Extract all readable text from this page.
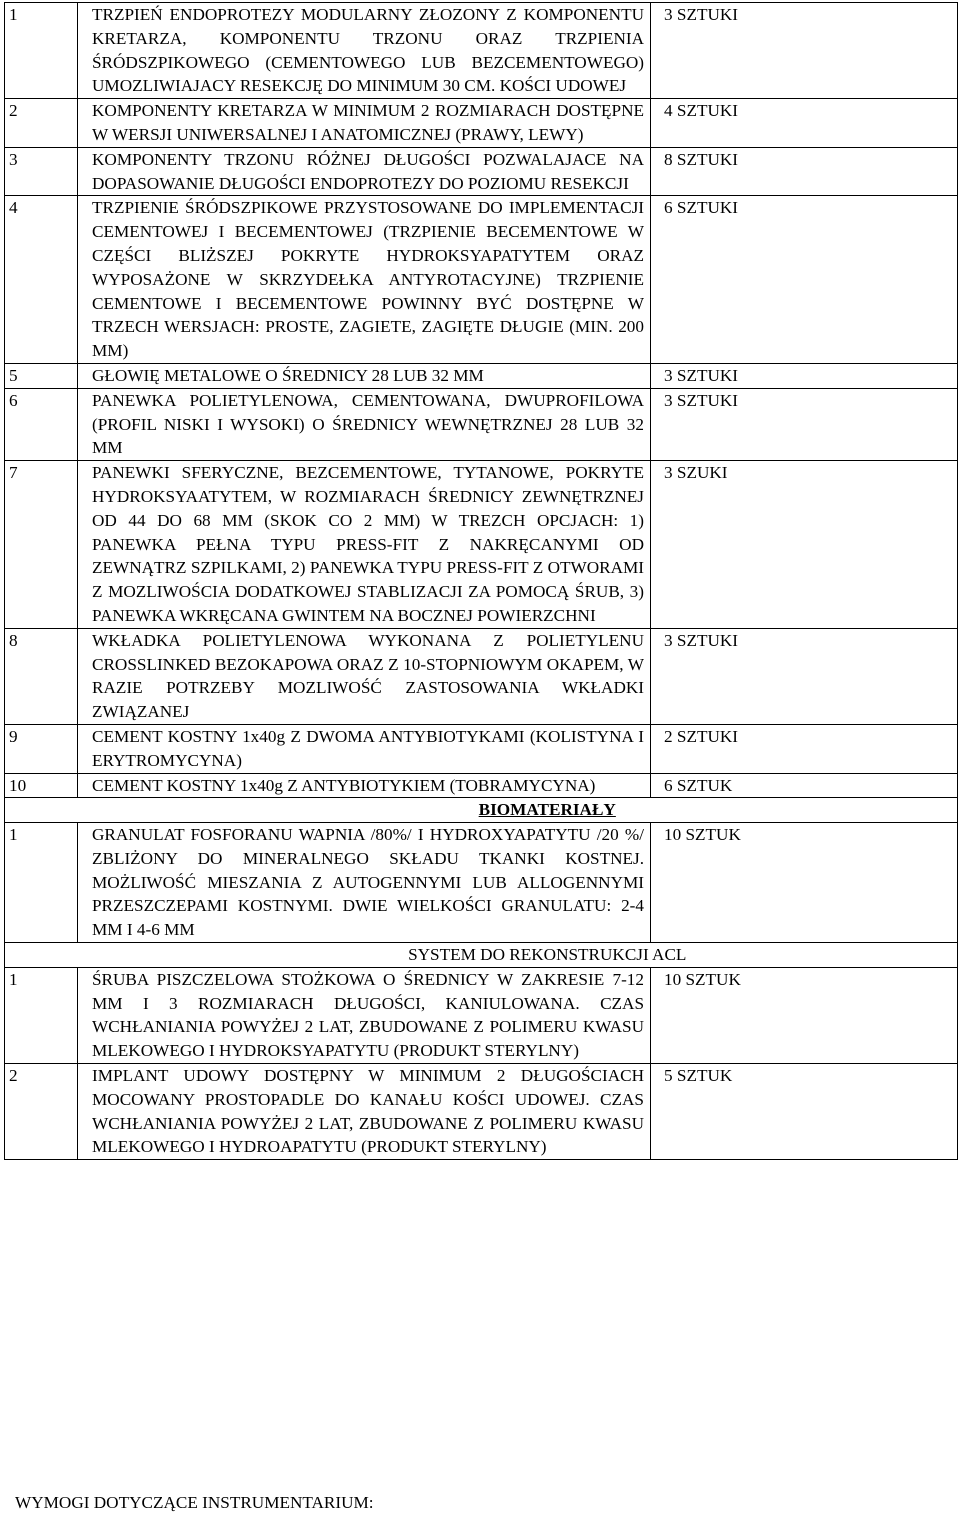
1	TRZPIEŃ ENDOPROTEZY MODULARNY ZŁOZONY Z KOMPONENTU KRETARZA, KOMPONENTU TRZONU ORAZ TRZPIENIA ŚRÓDSZPIKOWEGO (CEMENTOWEGO LUB BEZCEMENTOWEGO) UMOZLIWIAJACY RESEKCJĘ DO MINIMUM 30 CM. KOŚCI UDOWEJ	3 SZTUKI
2	KOMPONENTY KRETARZA W MINIMUM 2 ROZMIARACH DOSTĘPNE W WERSJI UNIWERSALNEJ I ANATOMICZNEJ (PRAWY, LEWY)	4 SZTUKI
3	KOMPONENTY TRZONU RÓŻNEJ DŁUGOŚCI POZWALAJACE NA DOPASOWANIE DŁUGOŚCI ENDOPROTEZY DO POZIOMU RESEKCJI	8 SZTUKI
4	TRZPIENIE ŚRÓDSZPIKOWE PRZYSTOSOWANE DO IMPLEMENTACJI CEMENTOWEJ I BECEMENTOWEJ (TRZPIENIE BECEMENTOWE W CZĘŚCI BLIŻSZEJ POKRYTE HYDROKSYAPATYTEM ORAZ WYPOSAŻONE W SKRZYDEŁKA ANTYROTACYJNE) TRZPIENIE CEMENTOWE I BECEMENTOWE POWINNY BYĆ DOSTĘPNE W TRZECH WERSJACH: PROSTE, ZAGIETE, ZAGIĘTE DŁUGIE (MIN. 200 MM)	6 SZTUKI
5	GŁOWIĘ METALOWE O ŚREDNICY 28 LUB 32 MM	3 SZTUKI
6	PANEWKA POLIETYLENOWA, CEMENTOWANA, DWUPROFILOWA (PROFIL NISKI I WYSOKI) O ŚREDNICY WEWNĘTRZNEJ 28 LUB 32 MM	3 SZTUKI
7	PANEWKI SFERYCZNE, BEZCEMENTOWE, TYTANOWE, POKRYTE HYDROKSYAATYTEM, W ROZMIARACH ŚREDNICY ZEWNĘTRZNEJ OD 44 DO 68 MM (SKOK CO 2 MM) W TREZCH OPCJACH: 1) PANEWKA PEŁNA TYPU PRESS-FIT Z NAKRĘCANYMI OD ZEWNĄTRZ SZPILKAMI, 2) PANEWKA TYPU PRESS-FIT Z OTWORAMI Z MOZLIWOŚCIA DODATKOWEJ STABLIZACJI ZA POMOCĄ ŚRUB, 3) PANEWKA WKRĘCANA GWINTEM NA BOCZNEJ POWIERZCHNI	3 SZUKI
8	WKŁADKA POLIETYLENOWA WYKONANA Z POLIETYLENU CROSSLINKED BEZOKAPOWA ORAZ Z 10-STOPNIOWYM OKAPEM, W RAZIE POTRZEBY MOZLIWOŚĆ ZASTOSOWANIA WKŁADKI ZWIĄZANEJ	3 SZTUKI
9	CEMENT KOSTNY 1x40g Z DWOMA ANTYBIOTYKAMI (KOLISTYNA I ERYTROMYCYNA)	2 SZTUKI
10	CEMENT KOSTNY 1x40g Z ANTYBIOTYKIEM (TOBRAMYCYNA)	6 SZTUK
	BIOMATERIAŁY	
1	GRANULAT FOSFORANU WAPNIA /80%/ I HYDROXYAPATYTU /20 %/ ZBLIŻONY DO MINERALNEGO SKŁADU TKANKI KOSTNEJ. MOŻLIWOŚĆ MIESZANIA Z AUTOGENNYMI LUB ALLOGENNYMI PRZESZCZEPAMI KOSTNYMI. DWIE WIELKOŚCI GRANULATU: 2-4 MM I 4-6 MM	10 SZTUK
	SYSTEM DO REKONSTRUKCJI ACL	
1	ŚRUBA PISZCZELOWA STOŻKOWA O ŚREDNICY W ZAKRESIE 7-12 MM I 3 ROZMIARACH DŁUGOŚCI, KANIULOWANA. CZAS WCHŁANIANIA POWYŻEJ 2 LAT, ZBUDOWANE Z POLIMERU KWASU MLEKOWEGO I HYDROKSYAPATYTU (PRODUKT STERYLNY)	10 SZTUK
2	IMPLANT UDOWY DOSTĘPNY W MINIMUM 2 DŁUGOŚCIACH MOCOWANY PROSTOPADLE DO KANAŁU KOŚCI UDOWEJ. CZAS WCHŁANIANIA POWYŻEJ 2 LAT, ZBUDOWANE Z POLIMERU KWASU MLEKOWEGO I HYDROAPATYTU (PRODUKT STERYLNY)	5 SZTUK
WYMOGI DOTYCZĄCE INSTRUMENTARIUM:
